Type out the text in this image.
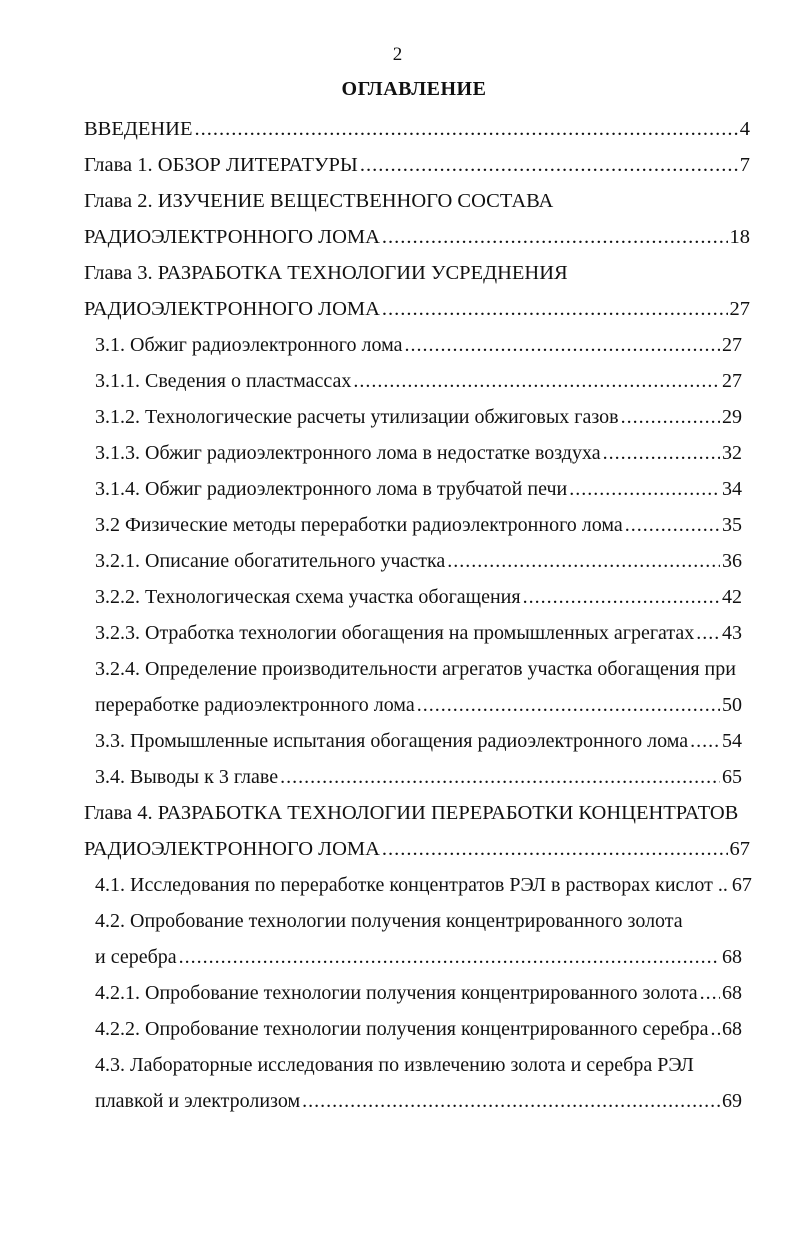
2
ОГЛАВЛЕНИЕ
ВВЕДЕНИЕ .....	4
Глава 1. ОБЗОР ЛИТЕРАТУРЫ .....	7
Глава 2. ИЗУЧЕНИЕ ВЕЩЕСТВЕННОГО СОСТАВА
РАДИОЭЛЕКТРОННОГО ЛОМА .....	18
Глава 3. РАЗРАБОТКА ТЕХНОЛОГИИ УСРЕДНЕНИЯ
РАДИОЭЛЕКТРОННОГО ЛОМА .....	27
3.1. Обжиг радиоэлектронного лома .....	27
3.1.1. Сведения о пластмассах .....	27
3.1.2. Технологические расчеты утилизации обжиговых газов .....	29
3.1.3. Обжиг радиоэлектронного лома в недостатке воздуха .....	32
3.1.4. Обжиг радиоэлектронного лома в трубчатой печи .....	34
3.2 Физические методы переработки радиоэлектронного лома .....	35
3.2.1. Описание обогатительного участка .....	36
3.2.2. Технологическая схема участка обогащения .....	42
3.2.3. Отработка технологии обогащения на промышленных агрегатах ..... 43
3.2.4. Определение производительности агрегатов участка обогащения при
переработке радиоэлектронного лома .....	50
3.3. Промышленные испытания обогащения радиоэлектронного лома ..... 54
3.4. Выводы к 3 главе .....	65
Глава 4. РАЗРАБОТКА ТЕХНОЛОГИИ ПЕРЕРАБОТКИ КОНЦЕНТРАТОВ
РАДИОЭЛЕКТРОННОГО ЛОМА .....	67
4.1. Исследования по переработке концентратов РЭЛ в растворах кислот .. 67
4.2. Опробование технологии получения концентрированного золота
и серебра .....	68
4.2.1. Опробование технологии получения концентрированного золота ..... 68
4.2.2. Опробование технологии получения концентрированного серебра ..... 68
4.3. Лабораторные исследования по извлечению золота и серебра РЭЛ
плавкой и электролизом .....	69
